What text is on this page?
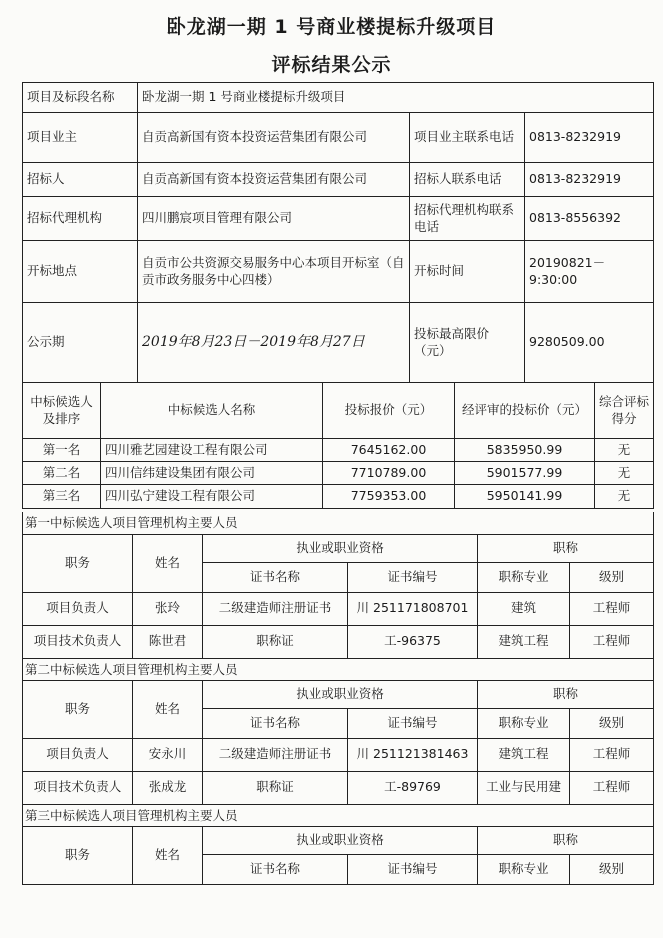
卧龙湖一期 1 号商业楼提标升级项目
评标结果公示
项目及标段名称	卧龙湖一期 1 号商业楼提标升级项目		
项目业主	自贡高新国有资本投资运营集团有限公司	项目业主联系电话	0813-8232919
招标人	自贡高新国有资本投资运营集团有限公司	招标人联系电话	0813-8232919
招标代理机构	四川鹏宸项目管理有限公司	招标代理机构联系电话	0813-8556392
开标地点	自贡市公共资源交易服务中心本项目开标室（自贡市政务服务中心四楼）	开标时间	20190821－9:30:00
公示期	2019年8月23日－2019年8月27日	投标最高限价（元）	9280509.00
中标候选人及排序	中标候选人名称	投标报价（元）	经评审的投标价（元）	综合评标得分
第一名	四川雅艺园建设工程有限公司	7645162.00	5835950.99	无
第二名	四川信纬建设集团有限公司	7710789.00	5901577.99	无
第三名	四川弘宁建设工程有限公司	7759353.00	5950141.99	无
第一中标候选人项目管理机构主要人员					
职务	姓名	执业或职业资格		职称	
		证书名称	证书编号	职称专业	级别
项目负责人	张玲	二级建造师注册证书	川 251171808701	建筑	工程师
项目技术负责人	陈世君	职称证	工-96375	建筑工程	工程师
第二中标候选人项目管理机构主要人员					
职务	姓名	执业或职业资格		职称	
		证书名称	证书编号	职称专业	级别
项目负责人	安永川	二级建造师注册证书	川 251121381463	建筑工程	工程师
项目技术负责人	张成龙	职称证	工-89769	工业与民用建	工程师
第三中标候选人项目管理机构主要人员					
职务	姓名	执业或职业资格		职称	
		证书名称	证书编号	职称专业	级别
